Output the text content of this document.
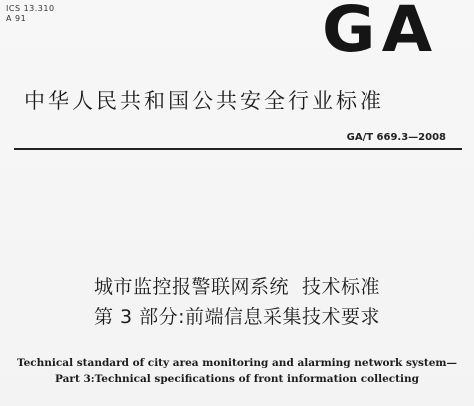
ICS 13.310
A 91	GA
中华人民共和国公共安全行业标准
GA/T 669.3—2008
城市监控报警联网系统  技术标准
第 3 部分:前端信息采集技术要求
Technical standard of city area monitoring and alarming network system—
Part 3:Technical specifications of front information collecting
